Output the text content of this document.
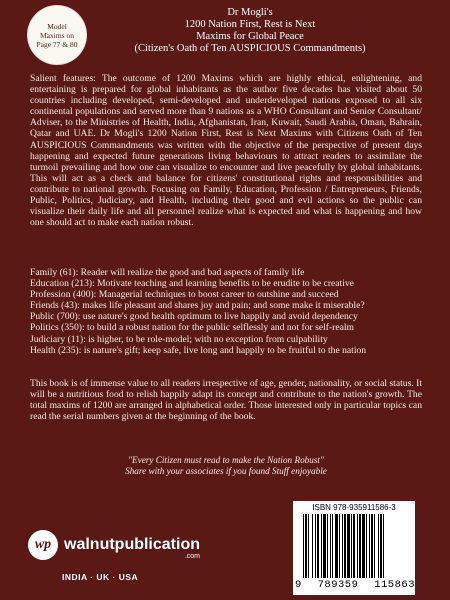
Model
Maxims on
Page 77 & 80
Dr Mogli's
1200 Nation First, Rest is Next
Maxims for Global Peace
(Citizen's Oath of Ten AUSPICIOUS Commandments)
Salient features: The outcome of 1200 Maxims which are highly ethical, enlightening, and entertaining is prepared for global inhabitants as the author five decades has visited about 50 countries including developed, semi-developed and underdeveloped nations exposed to all six continental populations and served more than 9 nations as a WHO Consultant and Senior Consultant/ Adviser, to the Ministries of Health, India, Afghanistan, Iran, Kuwait, Saudi Arabia, Oman, Bahrain, Qatar and UAE. Dr Mogli's 1200 Nation First, Rest is Next Maxims with Citizens Oath of Ten AUSPICIOUS Commandments was written with the objective of the perspective of present days happening and expected future generations living behaviours to attract readers to assimilate the turmoil prevailing and how one can visualize to encounter and live peacefully by global inhabitants. This will act as a check and balance for citizens' constitutional rights and responsibilities and contribute to national growth. Focusing on Family, Education, Profession / Entrepreneurs, Friends, Public, Politics, Judiciary, and Health, including their good and evil actions so the public can visualize their daily life and all personnel realize what is expected and what is happening and how one should act to make each nation robust.
Family (61): Reader will realize the good and bad aspects of family life
Education (213): Motivate teaching and learning benefits to be erudite to be creative
Profession (400): Managerial techniques to boost career to outshine and succeed
Friends (43): makes life pleasant and shares joy and pain; and some make it miserable?
Public (700): use nature's good health optimum to live happily and avoid dependency
Politics (350): to build a robust nation for the public selflessly and not for self-realm
Judiciary (11): is higher, to be role-model; with no exception from culpability
Health (235): is nature's gift; keep safe, live long and happily to be fruitful to the nation
This book is of immense value to all readers irrespective of age, gender, nationality, or social status. It will be a nutritious food to relish happily adapt its concept and contribute to the nation's growth. The total maxims of 1200 are arranged in alphabetical order. Those interested only in particular topics can read the serial numbers given at the beginning of the book.
"Every Citizen must read to make the Nation Robust"
Share with your associates if you found Stuff enjoyable
wp walnutpublication
.com
INDIA · UK · USA
ISBN 978-935911586-3
9 789359 115863
